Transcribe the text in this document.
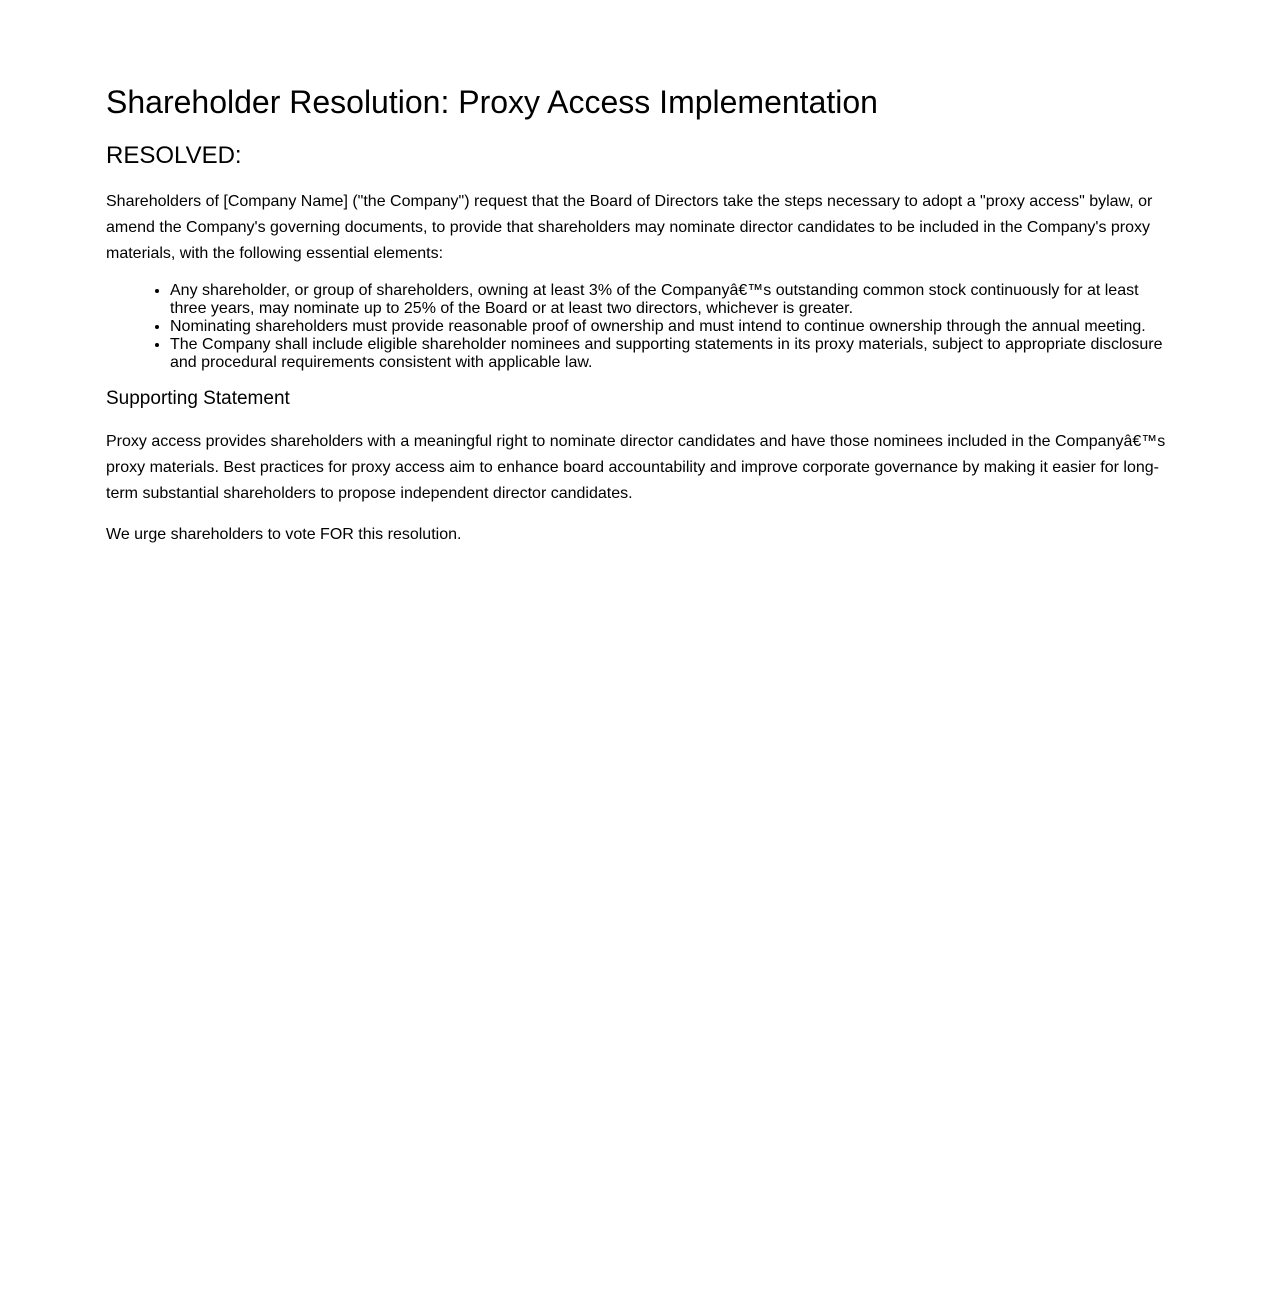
Shareholder Resolution: Proxy Access Implementation
RESOLVED:

Shareholders of [Company Name] ("the Company") request that the Board of Directors take the steps necessary to adopt a "proxy access" bylaw, or amend the Company's governing documents, to provide that shareholders may nominate director candidates to be included in the Company's proxy materials, with the following essential elements:

• Any shareholder, or group of shareholders, owning at least 3% of the Companyâ€™s outstanding common stock continuously for at least three years, may nominate up to 25% of the Board or at least two directors, whichever is greater.
• Nominating shareholders must provide reasonable proof of ownership and must intend to continue ownership through the annual meeting.
• The Company shall include eligible shareholder nominees and supporting statements in its proxy materials, subject to appropriate disclosure and procedural requirements consistent with applicable law.
Supporting Statement

Proxy access provides shareholders with a meaningful right to nominate director candidates and have those nominees included in the Companyâ€™s proxy materials. Best practices for proxy access aim to enhance board accountability and improve corporate governance by making it easier for long-term substantial shareholders to propose independent director candidates.

We urge shareholders to vote FOR this resolution.
